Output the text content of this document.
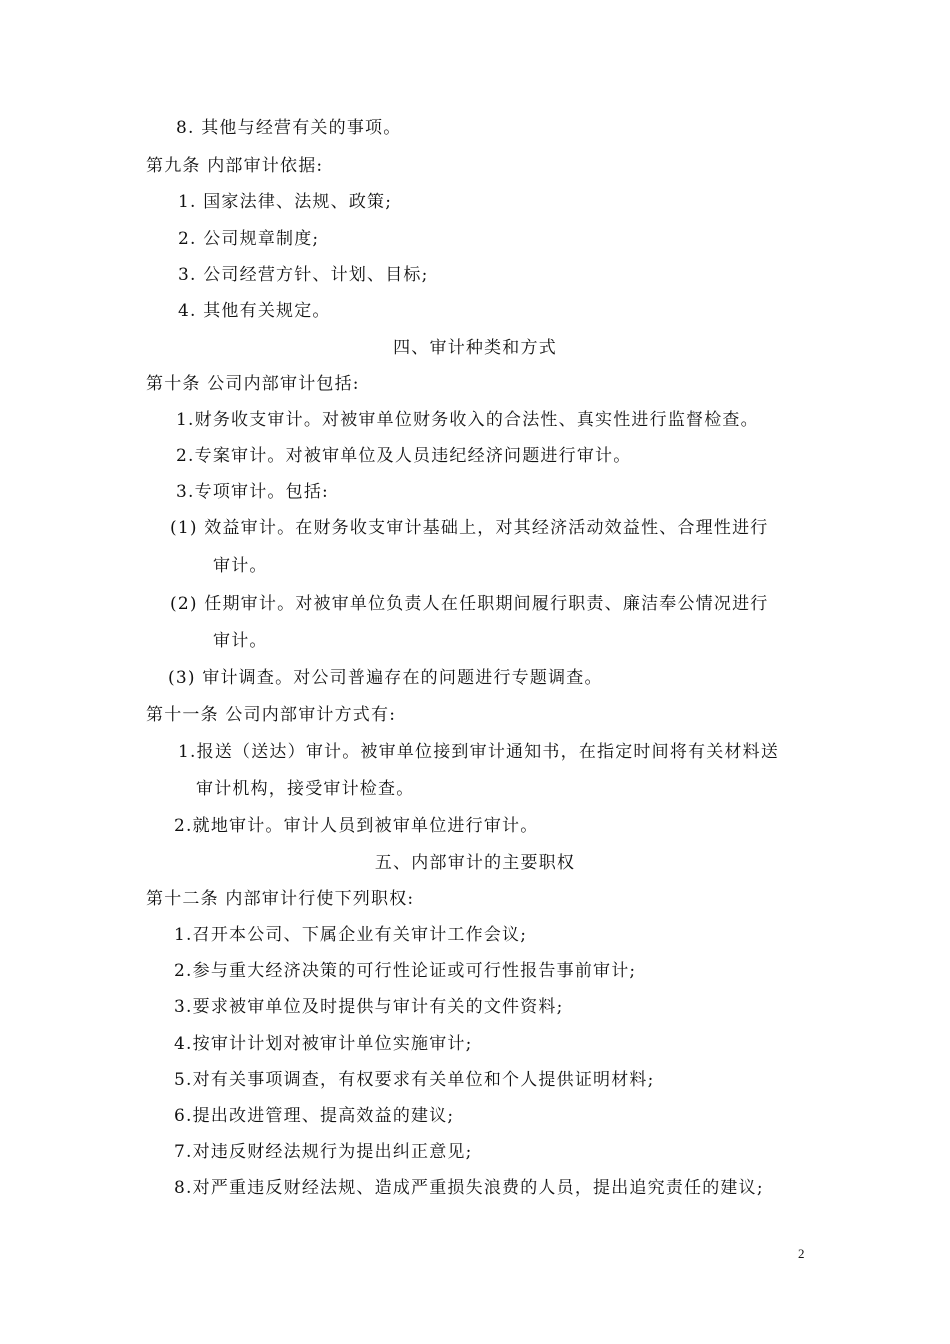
8. 其他与经营有关的事项。
第九条 内部审计依据:
1. 国家法律、法规、政策;
2. 公司规章制度;
3. 公司经营方针、计划、目标;
4. 其他有关规定。
四、审计种类和方式
第十条 公司内部审计包括:
1.财务收支审计。对被审单位财务收入的合法性、真实性进行监督检查。
2.专案审计。对被审单位及人员违纪经济问题进行审计。
3.专项审计。包括:
(1) 效益审计。在财务收支审计基础上，对其经济活动效益性、合理性进行
审计。
(2) 任期审计。对被审单位负责人在任职期间履行职责、廉洁奉公情况进行
审计。
(3) 审计调查。对公司普遍存在的问题进行专题调查。
第十一条 公司内部审计方式有:
1.报送（送达）审计。被审单位接到审计通知书，在指定时间将有关材料送
审计机构，接受审计检查。
2.就地审计。审计人员到被审单位进行审计。
五、内部审计的主要职权
第十二条 内部审计行使下列职权:
1.召开本公司、下属企业有关审计工作会议;
2.参与重大经济决策的可行性论证或可行性报告事前审计;
3.要求被审单位及时提供与审计有关的文件资料;
4.按审计计划对被审计单位实施审计;
5.对有关事项调查，有权要求有关单位和个人提供证明材料;
6.提出改进管理、提高效益的建议;
7.对违反财经法规行为提出纠正意见;
8.对严重违反财经法规、造成严重损失浪费的人员，提出追究责任的建议;
2
